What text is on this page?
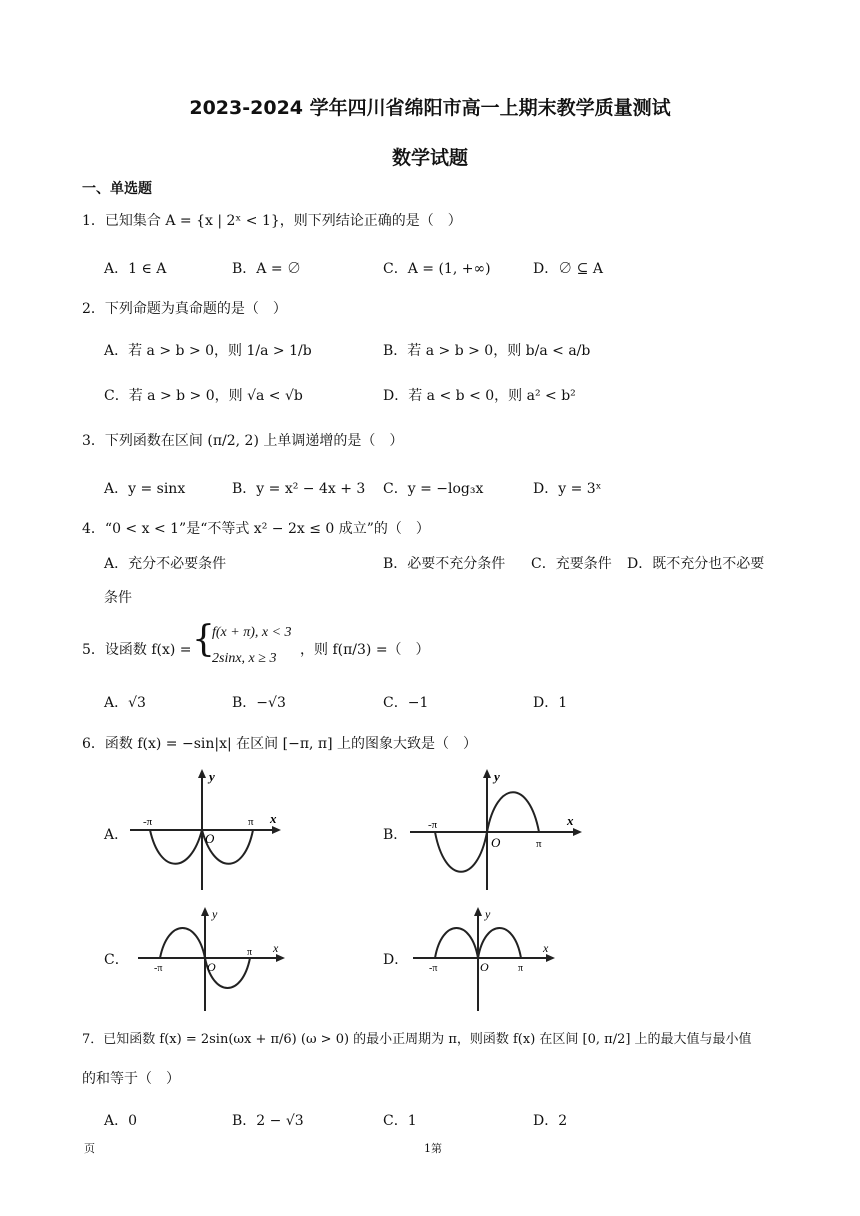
2023-2024 学年四川省绵阳市高一上期末教学质量测试
数学试题
一、单选题
1．已知集合 A = {x | 2ˣ < 1}，则下列结论正确的是（　）
A．1 ∈ A	B．A = ∅	C．A = (1, +∞)	D．∅ ⊆ A
2．下列命题为真命题的是（　）
A．若 a > b > 0，则 1/a > 1/b	B．若 a > b > 0，则 b/a < a/b
C．若 a > b > 0，则 √a < √b	D．若 a < b < 0，则 a² < b²
3．下列函数在区间 (π/2, 2) 上单调递增的是（　）
A．y = sinx	B．y = x² − 4x + 3 C．y = −log₃x	D．y = 3ˣ
4．“0 < x < 1”是“不等式 x² − 2x ≤ 0 成立”的（　）
A．充分不必要条件	B．必要不充分条件 C．充要条件 D．既不充分也不必要
条件
5．设函数 f(x) = {
f(x + π), x < 3
2sinx, x ≥ 3
，则 f(π/3) =（　）
A．√3	B．−√3	C．−1	D．1
6．函数 f(x) = −sin|x| 在区间 [−π, π] 上的图象大致是（　）
A．	B．
C．	D．
y
x
O
-π	π
y
x
O
-π
π
y
x
O
-π
π
y
x
O
-π	π
7．已知函数 f(x) = 2sin(ωx + π/6) (ω > 0) 的最小正周期为 π，则函数 f(x) 在区间 [0, π/2] 上的最大值与最小值
的和等于（　）
A．0	B．2 − √3	C．1	D．2
页	1第
